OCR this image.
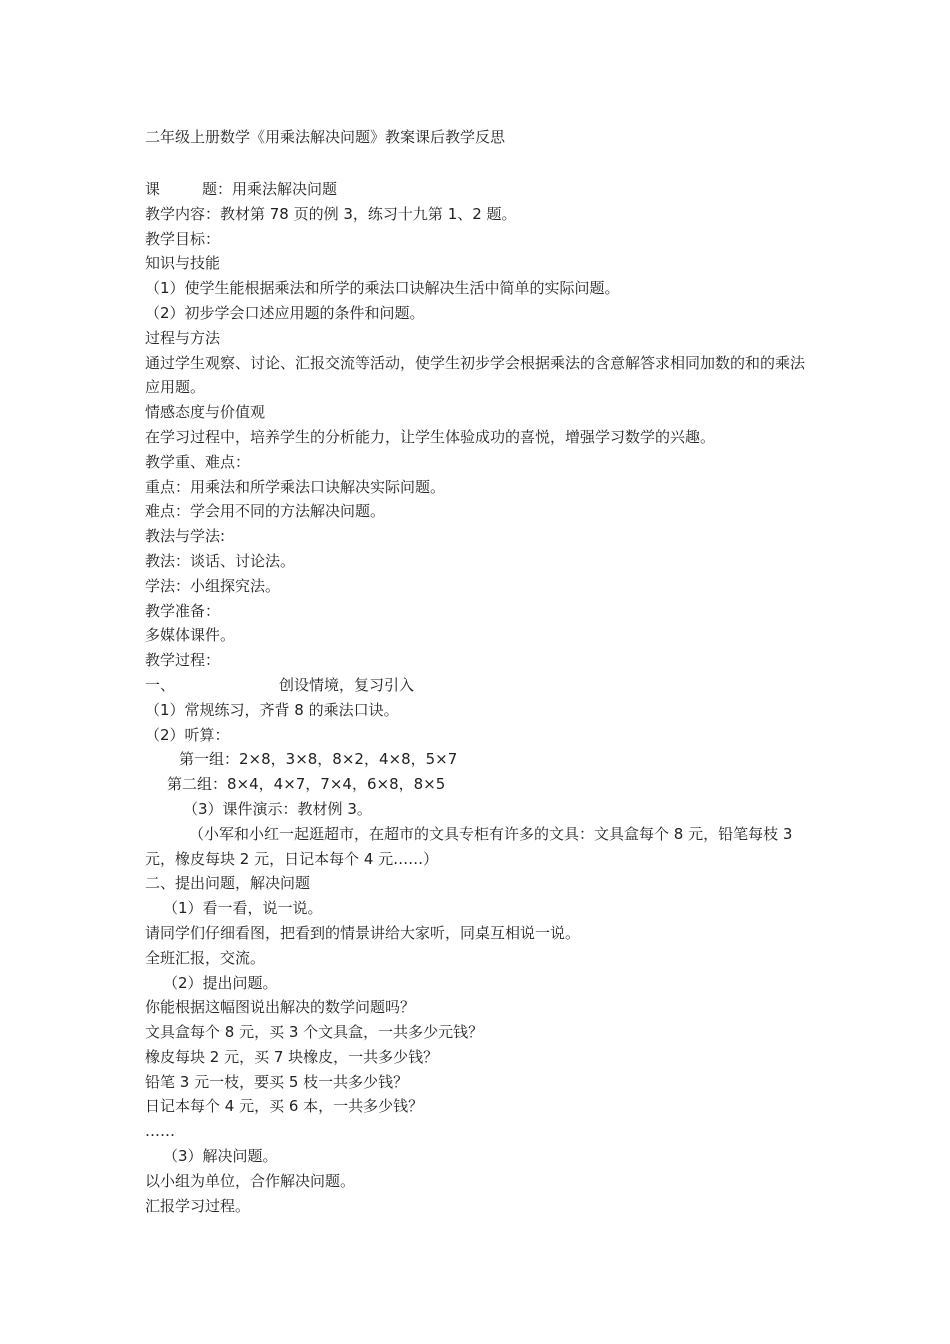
二年级上册数学《用乘法解决问题》教案课后教学反思
课	题：用乘法解决问题
教学内容：教材第 78 页的例 3，练习十九第 1、2 题。
教学目标：
知识与技能
（1）使学生能根据乘法和所学的乘法口诀解决生活中简单的实际问题。
（2）初步学会口述应用题的条件和问题。
过程与方法
通过学生观察、讨论、汇报交流等活动，使学生初步学会根据乘法的含意解答求相同加数的和的乘法应用题。
情感态度与价值观
在学习过程中，培养学生的分析能力，让学生体验成功的喜悦，增强学习数学的兴趣。
教学重、难点：
重点：用乘法和所学乘法口诀解决实际问题。
难点：学会用不同的方法解决问题。
教法与学法:
教法：谈话、讨论法。
学法：小组探究法。
教学准备：
多媒体课件。
教学过程：
一、	创设情境，复习引入
（1）常规练习，齐背 8 的乘法口诀。
（2）听算：
第一组：2×8，3×8，8×2，4×8，5×7
第二组：8×4，4×7，7×4，6×8，8×5
（3）课件演示：教材例 3。
（小军和小红一起逛超市，在超市的文具专柜有许多的文具：文具盒每个 8 元，铅笔每枝 3 元，橡皮每块 2 元，日记本每个 4 元……）
二、提出问题，解决问题
（1）看一看，说一说。
请同学们仔细看图，把看到的情景讲给大家听，同桌互相说一说。
全班汇报，交流。
（2）提出问题。
你能根据这幅图说出解决的数学问题吗？
文具盒每个 8 元，买 3 个文具盒，一共多少元钱？
橡皮每块 2 元，买 7 块橡皮，一共多少钱？
铅笔 3 元一枝，要买 5 枝一共多少钱？
日记本每个 4 元，买 6 本，一共多少钱？
……
（3）解决问题。
以小组为单位，合作解决问题。
汇报学习过程。
